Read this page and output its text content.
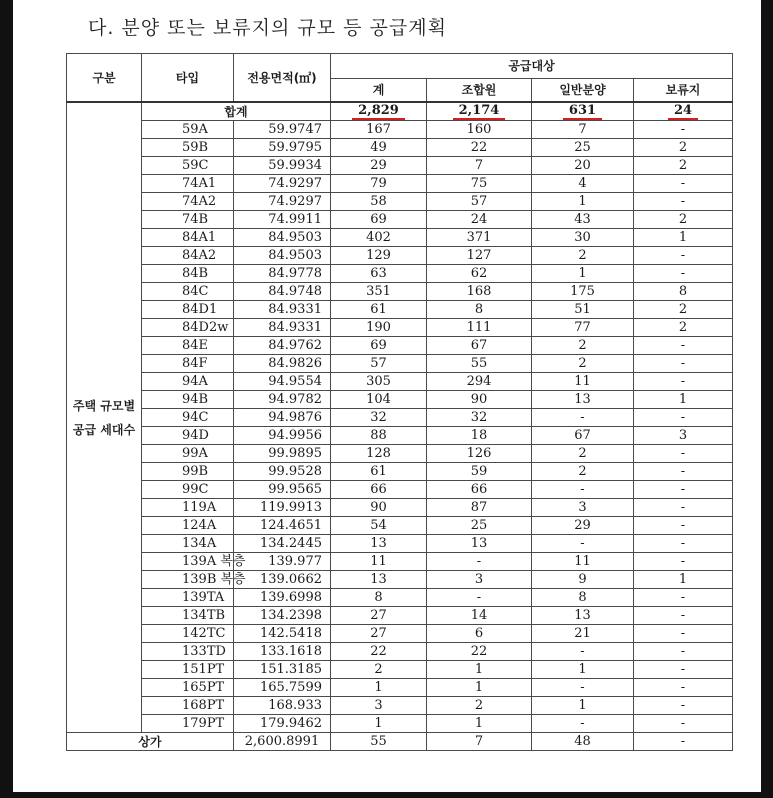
다. 분양 또는 보류지의 규모 등 공급계획
구분	타입	전용면적(㎡)	공급대상			
			계	조합원	일반분양	보류지
주택 규모별 공급 세대수	합계		2,829	2,174	631	24
	59A	59.9747	167	160	7	-
	59B	59.9795	49	22	25	2
	59C	59.9934	29	7	20	2
	74A1	74.9297	79	75	4	-
	74A2	74.9297	58	57	1	-
	74B	74.9911	69	24	43	2
	84A1	84.9503	402	371	30	1
	84A2	84.9503	129	127	2	-
	84B	84.9778	63	62	1	-
	84C	84.9748	351	168	175	8
	84D1	84.9331	61	8	51	2
	84D2w	84.9331	190	111	77	2
	84E	84.9762	69	67	2	-
	84F	84.9826	57	55	2	-
	94A	94.9554	305	294	11	-
	94B	94.9782	104	90	13	1
	94C	94.9876	32	32	-	-
	94D	94.9956	88	18	67	3
	99A	99.9895	128	126	2	-
	99B	99.9528	61	59	2	-
	99C	99.9565	66	66	-	-
	119A	119.9913	90	87	3	-
	124A	124.4651	54	25	29	-
	134A	134.2445	13	13	-	-
	139A 복층	139.977	11	-	11	-
	139B 복층	139.0662	13	3	9	1
	139TA	139.6998	8	-	8	-
	134TB	134.2398	27	14	13	-
	142TC	142.5418	27	6	21	-
	133TD	133.1618	22	22	-	-
	151PT	151.3185	2	1	1	-
	165PT	165.7599	1	1	-	-
	168PT	168.933	3	2	1	-
	179PT	179.9462	1	1	-	-
상가		2,600.8991	55	7	48	-
